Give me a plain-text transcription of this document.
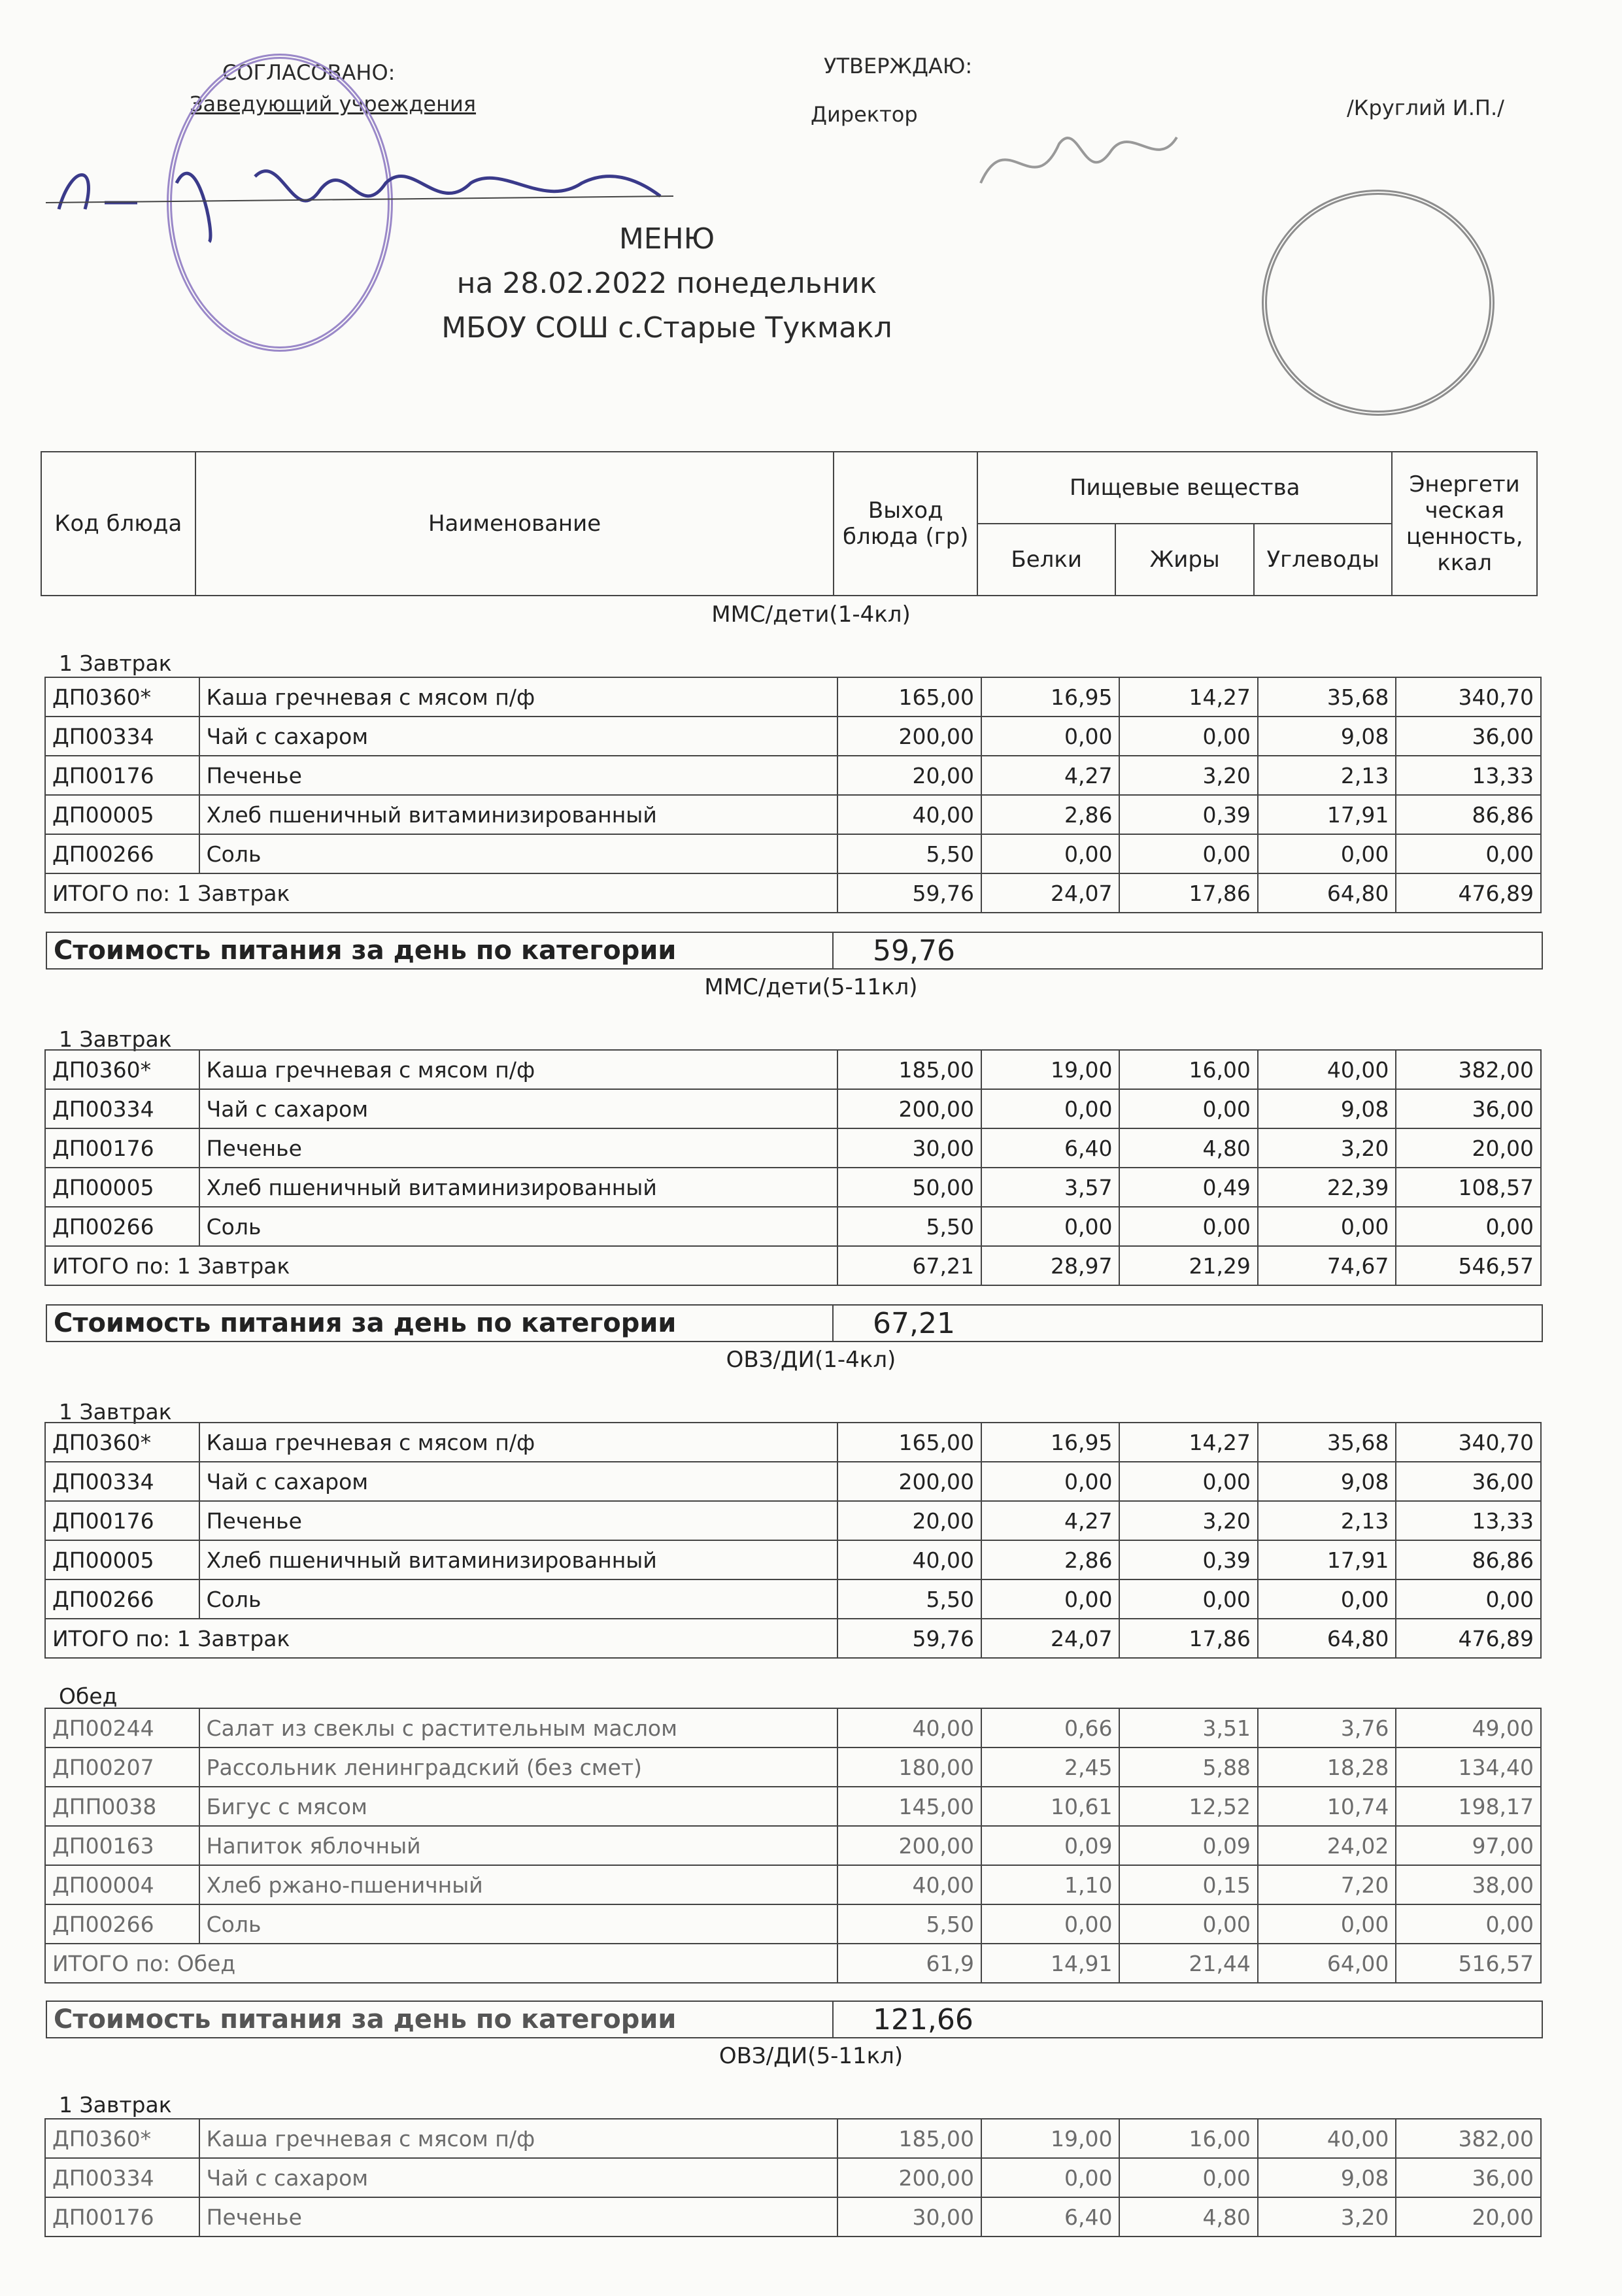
СОГЛАСОВАНО:
Заведующий учреждения
УТВЕРЖДАЮ:
Директор	/Круглий И.П./
МЕНЮ
на 28.02.2022 понедельник
МБОУ СОШ с.Старые Тукмакл
Код блюда	Наименование	Выход блюда (гр)	Пищевые вещества			Энергети ческая ценность, ккал
			Белки	Жиры	Углеводы	
ММС/дети(1-4кл)
1 Завтрак
ДП0360*	Каша гречневая с мясом п/ф	165,00	16,95	14,27	35,68	340,70
ДП00334	Чай с сахаром	200,00	0,00	0,00	9,08	36,00
ДП00176	Печенье	20,00	4,27	3,20	2,13	13,33
ДП00005	Хлеб пшеничный витаминизированный	40,00	2,86	0,39	17,91	86,86
ДП00266	Соль	5,50	0,00	0,00	0,00	0,00
ИТОГО по: 1 Завтрак		59,76	24,07	17,86	64,80	476,89
Стоимость питания за день по категории	59,76
ММС/дети(5-11кл)
1 Завтрак
ДП0360*	Каша гречневая с мясом п/ф	185,00	19,00	16,00	40,00	382,00
ДП00334	Чай с сахаром	200,00	0,00	0,00	9,08	36,00
ДП00176	Печенье	30,00	6,40	4,80	3,20	20,00
ДП00005	Хлеб пшеничный витаминизированный	50,00	3,57	0,49	22,39	108,57
ДП00266	Соль	5,50	0,00	0,00	0,00	0,00
ИТОГО по: 1 Завтрак		67,21	28,97	21,29	74,67	546,57
Стоимость питания за день по категории	67,21
ОВЗ/ДИ(1-4кл)
1 Завтрак
ДП0360*	Каша гречневая с мясом п/ф	165,00	16,95	14,27	35,68	340,70
ДП00334	Чай с сахаром	200,00	0,00	0,00	9,08	36,00
ДП00176	Печенье	20,00	4,27	3,20	2,13	13,33
ДП00005	Хлеб пшеничный витаминизированный	40,00	2,86	0,39	17,91	86,86
ДП00266	Соль	5,50	0,00	0,00	0,00	0,00
ИТОГО по: 1 Завтрак		59,76	24,07	17,86	64,80	476,89
Обед
ДП00244	Салат из свеклы с растительным маслом	40,00	0,66	3,51	3,76	49,00
ДП00207	Рассольник ленинградский (без смет)	180,00	2,45	5,88	18,28	134,40
ДПП0038	Бигус с мясом	145,00	10,61	12,52	10,74	198,17
ДП00163	Напиток яблочный	200,00	0,09	0,09	24,02	97,00
ДП00004	Хлеб ржано-пшеничный	40,00	1,10	0,15	7,20	38,00
ДП00266	Соль	5,50	0,00	0,00	0,00	0,00
ИТОГО по: Обед		61,9	14,91	21,44	64,00	516,57
Стоимость питания за день по категории	121,66
ОВЗ/ДИ(5-11кл)
1 Завтрак
ДП0360*	Каша гречневая с мясом п/ф	185,00	19,00	16,00	40,00	382,00
ДП00334	Чай с сахаром	200,00	0,00	0,00	9,08	36,00
ДП00176	Печенье	30,00	6,40	4,80	3,20	20,00
